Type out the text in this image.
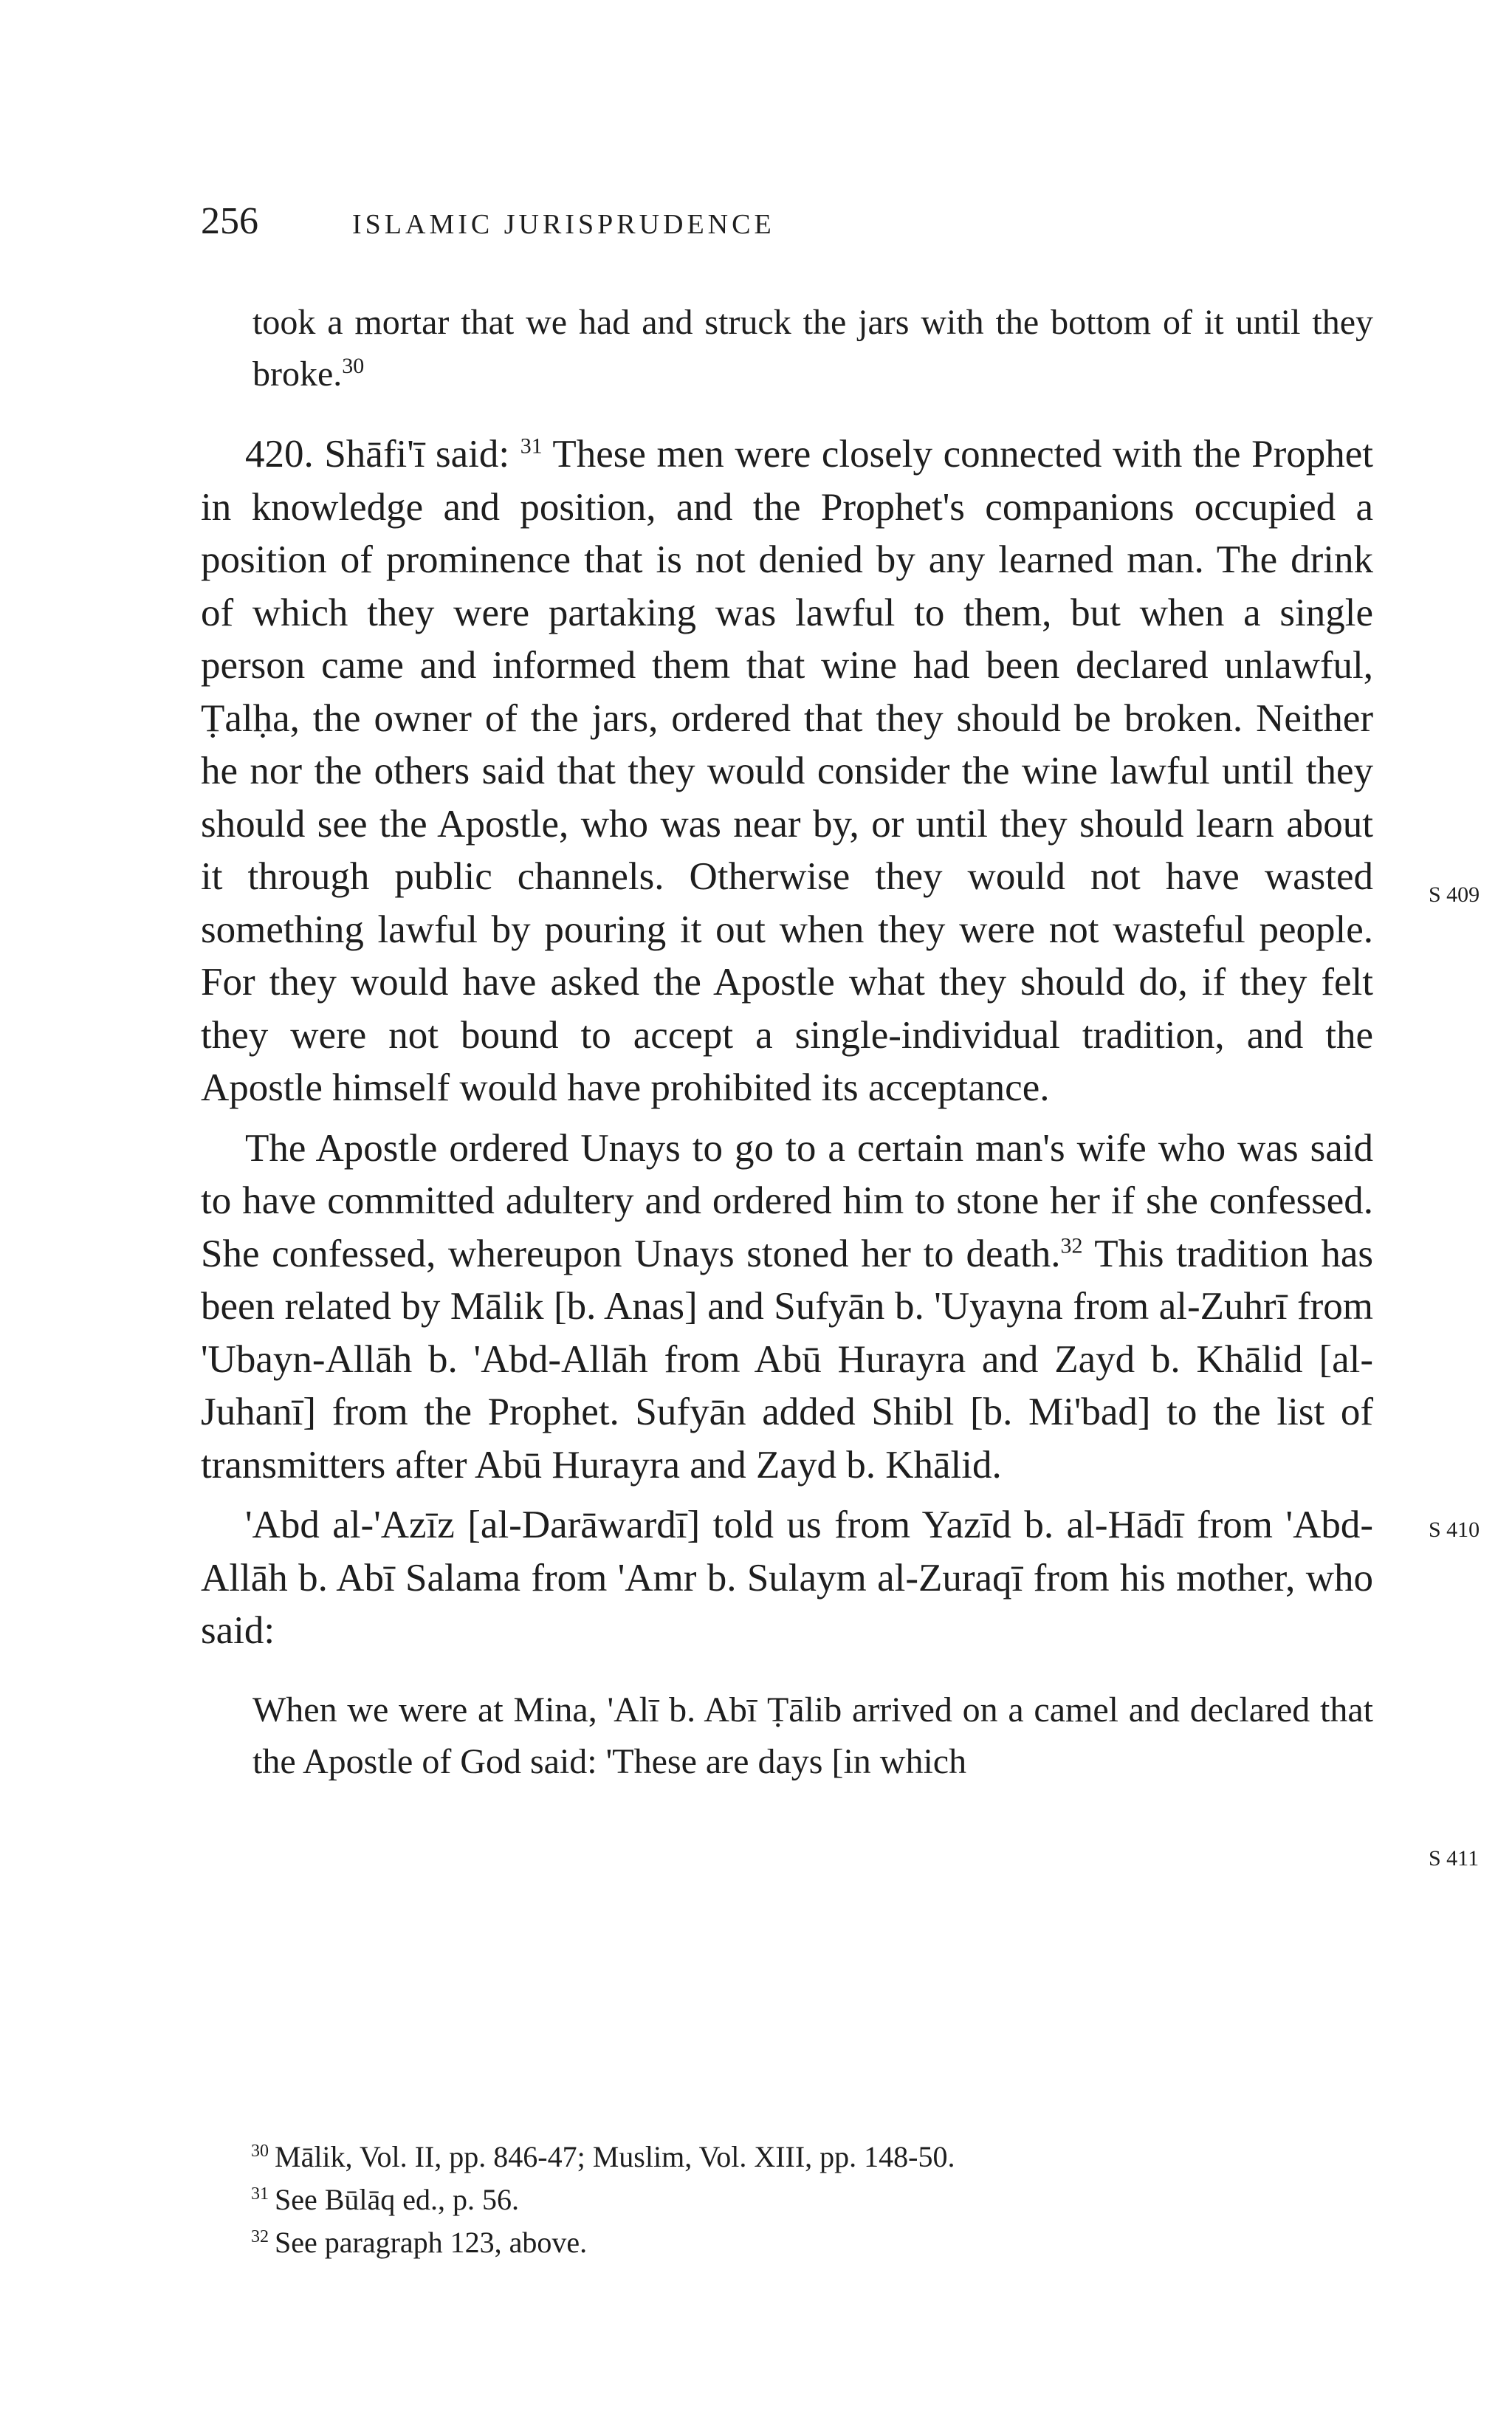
256	ISLAMIC JURISPRUDENCE

took a mortar that we had and struck the jars with the bottom of it until they broke.$^{30}$

420. Shāfi'ī said: $^{31}$ These men were closely connected with the Prophet in knowledge and position, and the Prophet's companions occupied a position of prominence that is not denied by any learned man. The drink of which they were partaking was lawful to them, but when a single person came and informed them that wine had been declared unlawful, Ṭalḥa, the owner of the jars, ordered that they should be broken. Neither he nor the others said that they would consider the wine lawful until they should see the Apostle, who was near by, or until they should learn about it through public channels. Otherwise they would not have wasted something lawful by pouring it out when they were not wasteful people. For they would have asked the Apostle what they should do, if they felt they were not bound to accept a single-individual tradition, and the Apostle himself would have prohibited its acceptance.

The Apostle ordered Unays to go to a certain man's wife who was said to have committed adultery and ordered him to stone her if she confessed. She confessed, whereupon Unays stoned her to death.$^{32}$ This tradition has been related by Mālik [b. Anas] and Sufyān b. 'Uyayna from al-Zuhrī from 'Ubayn-Allāh b. 'Abd-Allāh from Abū Hurayra and Zayd b. Khālid [al-Juhanī] from the Prophet. Sufyān added Shibl [b. Mi'bad] to the list of transmitters after Abū Hurayra and Zayd b. Khālid.

'Abd al-'Azīz [al-Darāwardī] told us from Yazīd b. al-Hādī from 'Abd-Allāh b. Abī Salama from 'Amr b. Sulaym al-Zuraqī from his mother, who said:

When we were at Mina, 'Alī b. Abī Ṭālib arrived on a camel and declared that the Apostle of God said: 'These are days [in which

S 409
S 410
S 411

$^{30}$ Mālik, Vol. II, pp. 846-47; Muslim, Vol. XIII, pp. 148-50.

$^{31}$ See Būlāq ed., p. 56.

$^{32}$ See paragraph 123, above.
